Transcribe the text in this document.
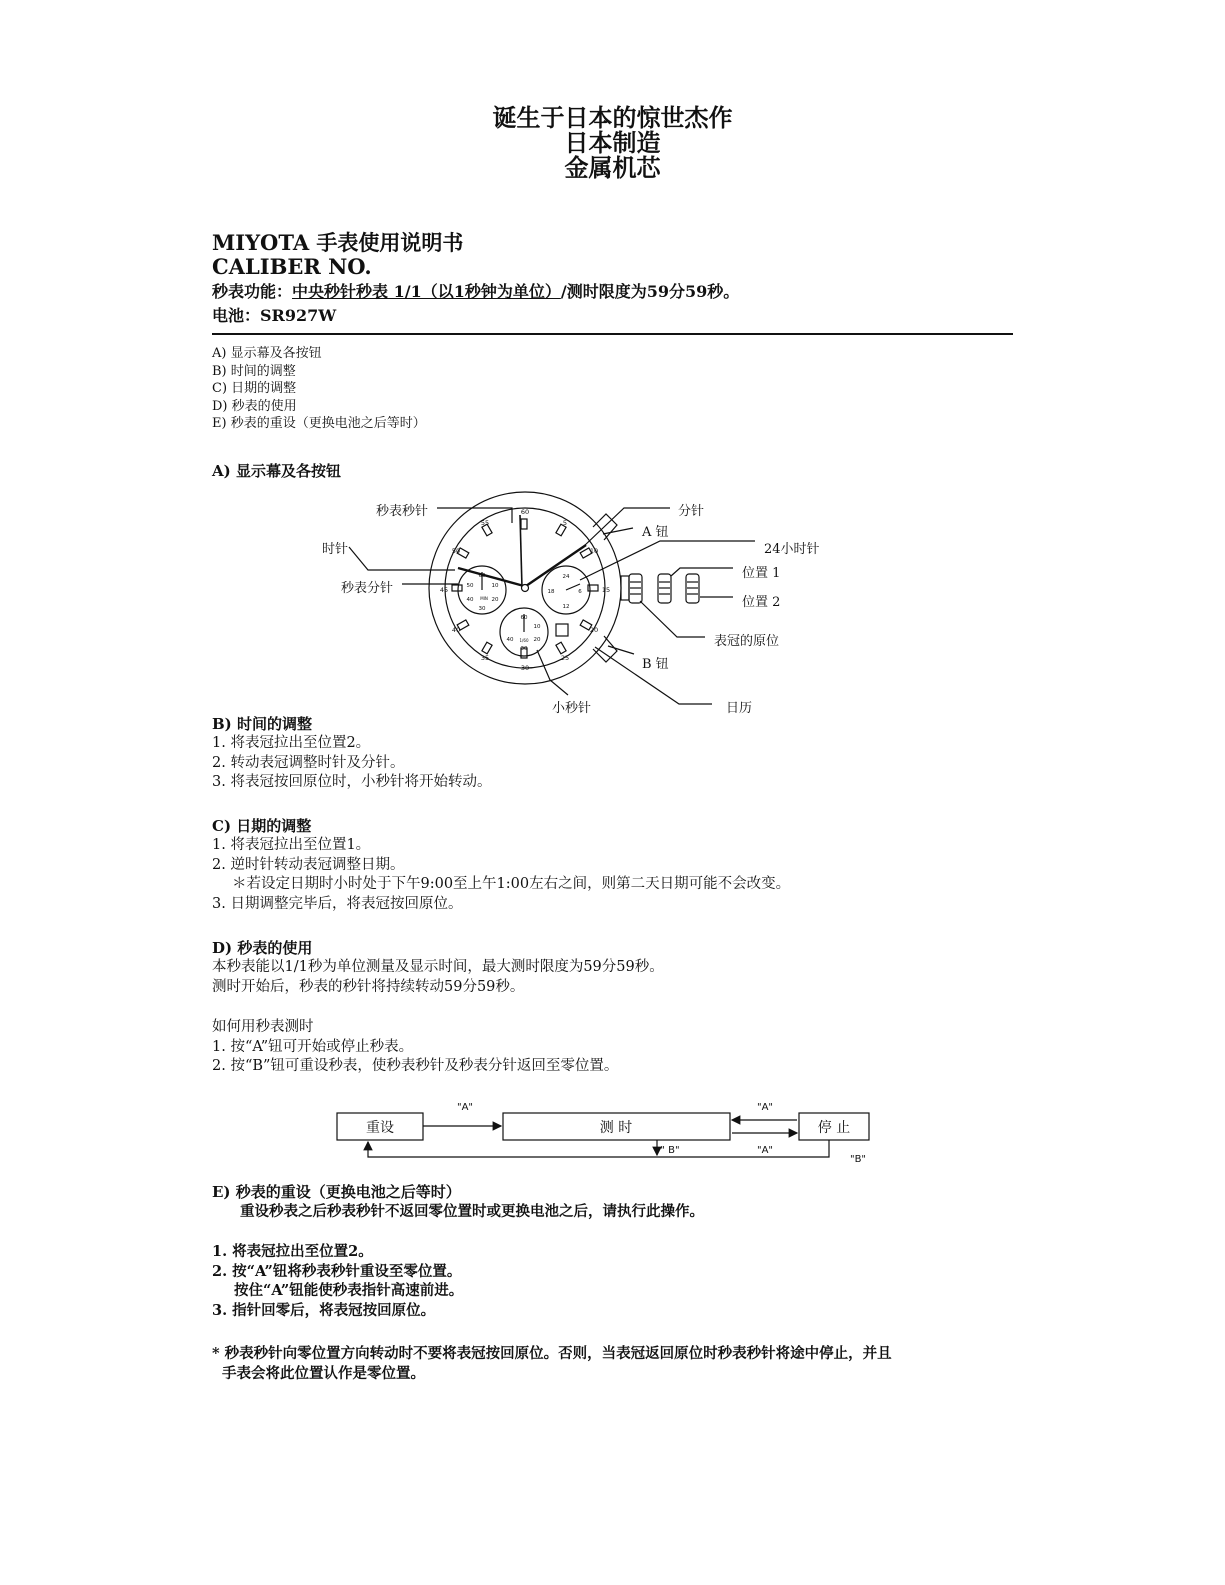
诞生于日本的惊世杰作
日本制造
金属机芯
MIYOTA 手表使用说明书
CALIBER NO.
秒表功能：中央秒针秒表 1/1（以1秒钟为单位）/测时限度为59分59秒。
电池：SR927W
A) 显示幕及各按钮
B) 时间的调整
C) 日期的调整
D) 秒表的使用
E) 秒表的重设（更换电池之后等时）
A) 显示幕及各按钮
60
5
10
15
20
25
30
35
40
45
50
55
60
10
20
30
40
50
MIN
24
6
12
18
60
10
20
30
40 1/60
秒表秒针
时针
秒表分针
分针
A 钮
24小时针
位置 1
位置 2
表冠的原位
B 钮
小秒针	日历
B) 时间的调整
1. 将表冠拉出至位置2。
2. 转动表冠调整时针及分针。
3. 将表冠按回原位时，小秒针将开始转动。
C) 日期的调整
1. 将表冠拉出至位置1。
2. 逆时针转动表冠调整日期。
＊若设定日期时小时处于下午9:00至上午1:00左右之间，则第二天日期可能不会改变。
3. 日期调整完毕后，将表冠按回原位。
D) 秒表的使用
本秒表能以1/1秒为单位测量及显示时间，最大测时限度为59分59秒。
测时开始后，秒表的秒针将持续转动59分59秒。
如何用秒表测时
1. 按“A”钮可开始或停止秒表。
2. 按“B”钮可重设秒表，使秒表秒针及秒表分针返回至零位置。
"A"	"A"
"A"
" B"
"B"
重设	测 时	停 止
E) 秒表的重设（更换电池之后等时）
重设秒表之后秒表秒针不返回零位置时或更换电池之后，请执行此操作。
1. 将表冠拉出至位置2。
2. 按“A”钮将秒表秒针重设至零位置。
按住“A”钮能使秒表指针高速前进。
3. 指针回零后，将表冠按回原位。
* 秒表秒针向零位置方向转动时不要将表冠按回原位。否则，当表冠返回原位时秒表秒针将途中停止，并且
手表会将此位置认作是零位置。
